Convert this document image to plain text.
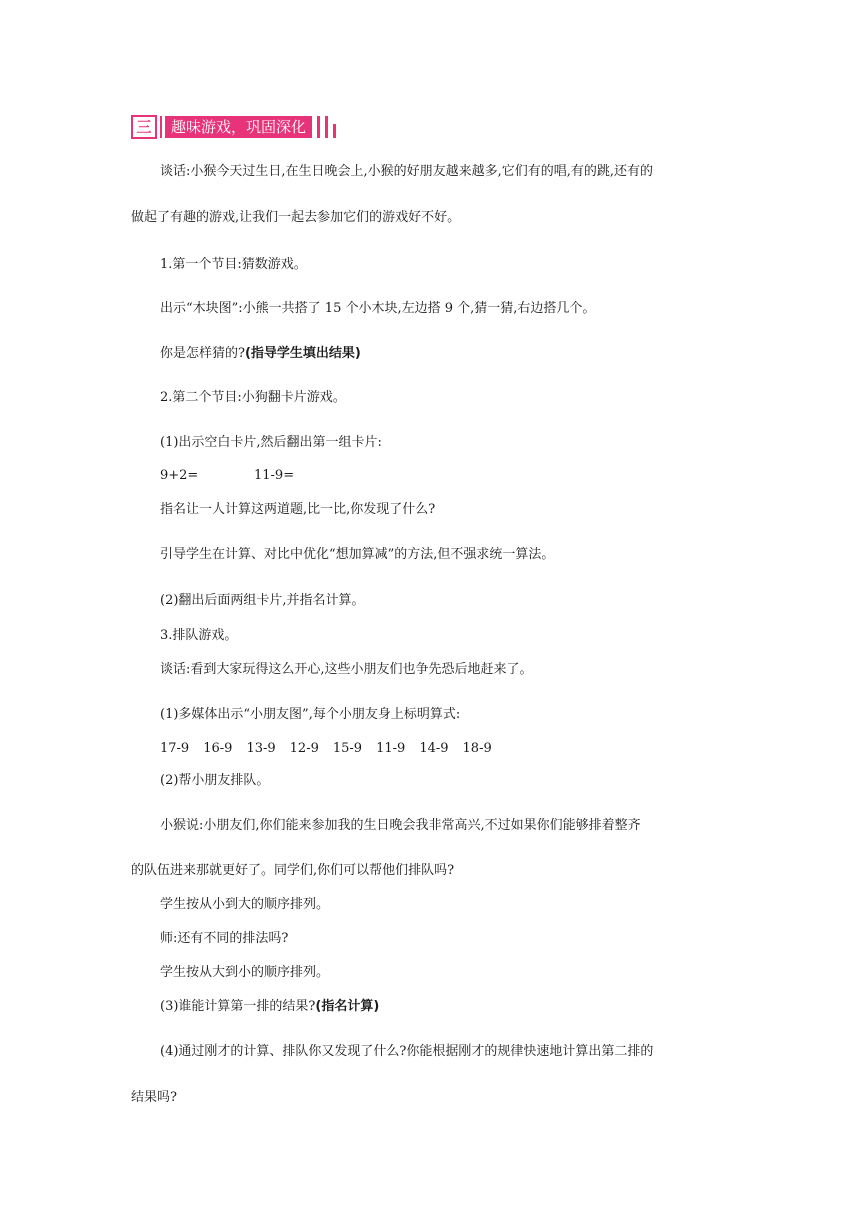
三	趣味游戏，巩固深化
谈话:小猴今天过生日,在生日晚会上,小猴的好朋友越来越多,它们有的唱,有的跳,还有的
做起了有趣的游戏,让我们一起去参加它们的游戏好不好。
1.第一个节目:猜数游戏。
出示“木块图”:小熊一共搭了 15 个小木块,左边搭 9 个,猜一猜,右边搭几个。
你是怎样猜的?(指导学生填出结果)
2.第二个节目:小狗翻卡片游戏。
(1)出示空白卡片,然后翻出第一组卡片:
9+2=	11-9=
指名让一人计算这两道题,比一比,你发现了什么?
引导学生在计算、对比中优化“想加算减”的方法,但不强求统一算法。
(2)翻出后面两组卡片,并指名计算。
3.排队游戏。
谈话:看到大家玩得这么开心,这些小朋友们也争先恐后地赶来了。
(1)多媒体出示“小朋友图”,每个小朋友身上标明算式:
17-9 16-9 13-9 12-9 15-9 11-9 14-9 18-9
(2)帮小朋友排队。
小猴说:小朋友们,你们能来参加我的生日晚会我非常高兴,不过如果你们能够排着整齐
的队伍进来那就更好了。同学们,你们可以帮他们排队吗?
学生按从小到大的顺序排列。
师:还有不同的排法吗?
学生按从大到小的顺序排列。
(3)谁能计算第一排的结果?(指名计算)
(4)通过刚才的计算、排队你又发现了什么?你能根据刚才的规律快速地计算出第二排的
结果吗?
